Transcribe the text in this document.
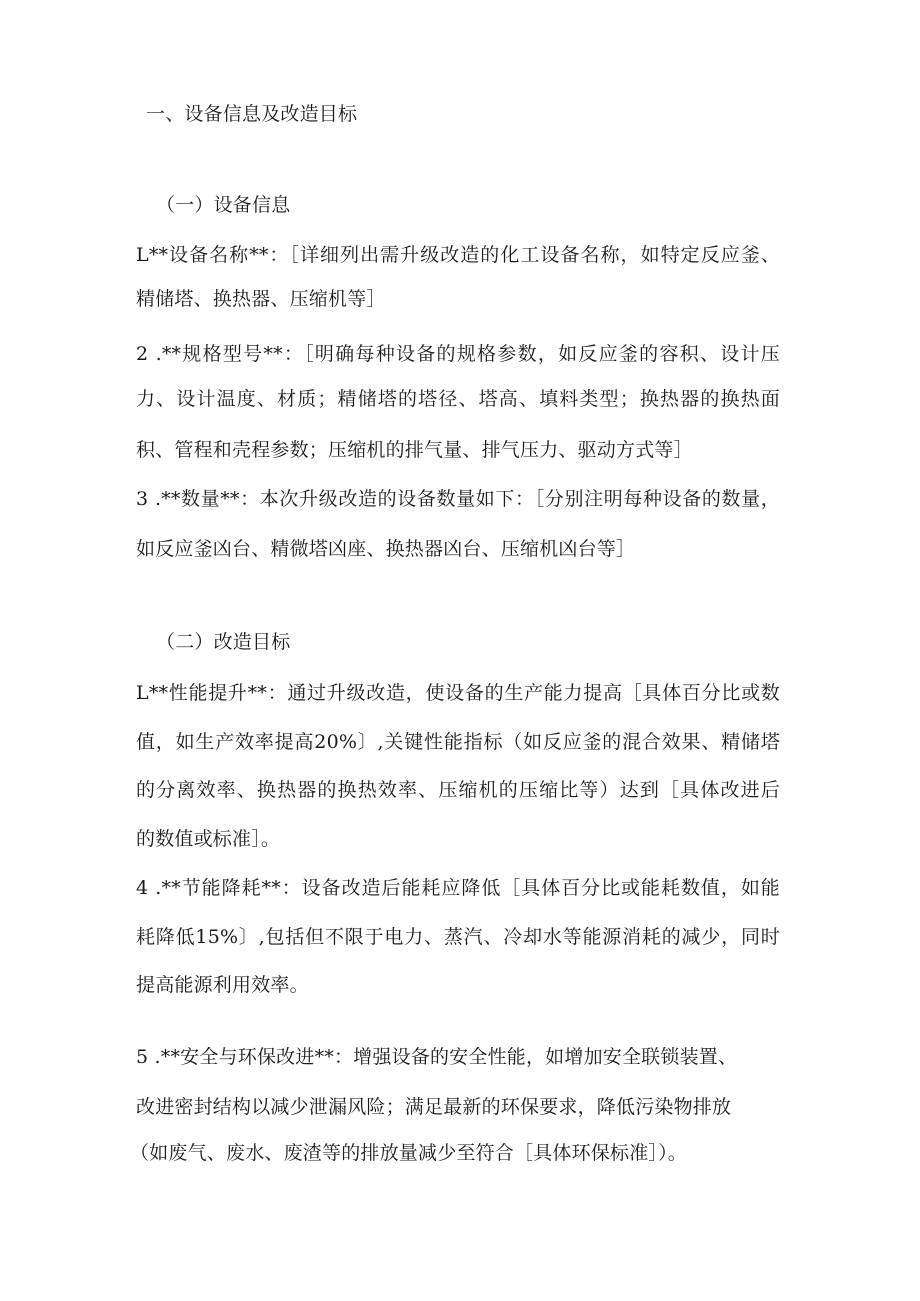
一、设备信息及改造目标

（一）设备信息

L**设备名称**：［详细列出需升级改造的化工设备名称，如特定反应釜、

精储塔、换热器、压缩机等］

2 .**规格型号**：［明确每种设备的规格参数，如反应釜的容积、设计压

力、设计温度、材质；精储塔的塔径、塔高、填料类型；换热器的换热面

积、管程和壳程参数；压缩机的排气量、排气压力、驱动方式等］

3 .**数量**：本次升级改造的设备数量如下：［分别注明每种设备的数量，

如反应釜凶台、精微塔凶座、换热器凶台、压缩机凶台等］

（二）改造目标

L**性能提升**：通过升级改造，使设备的生产能力提高［具体百分比或数

值，如生产效率提高20%〕,关键性能指标（如反应釜的混合效果、精储塔

的分离效率、换热器的换热效率、压缩机的压缩比等）达到［具体改进后

的数值或标准］。

4 .**节能降耗**：设备改造后能耗应降低［具体百分比或能耗数值，如能

耗降低15%〕,包括但不限于电力、蒸汽、冷却水等能源消耗的减少，同时

提高能源利用效率。

5 .**安全与环保改进**：增强设备的安全性能，如增加安全联锁装置、

改进密封结构以减少泄漏风险；满足最新的环保要求，降低污染物排放

（如废气、废水、废渣等的排放量减少至符合［具体环保标准］）。
